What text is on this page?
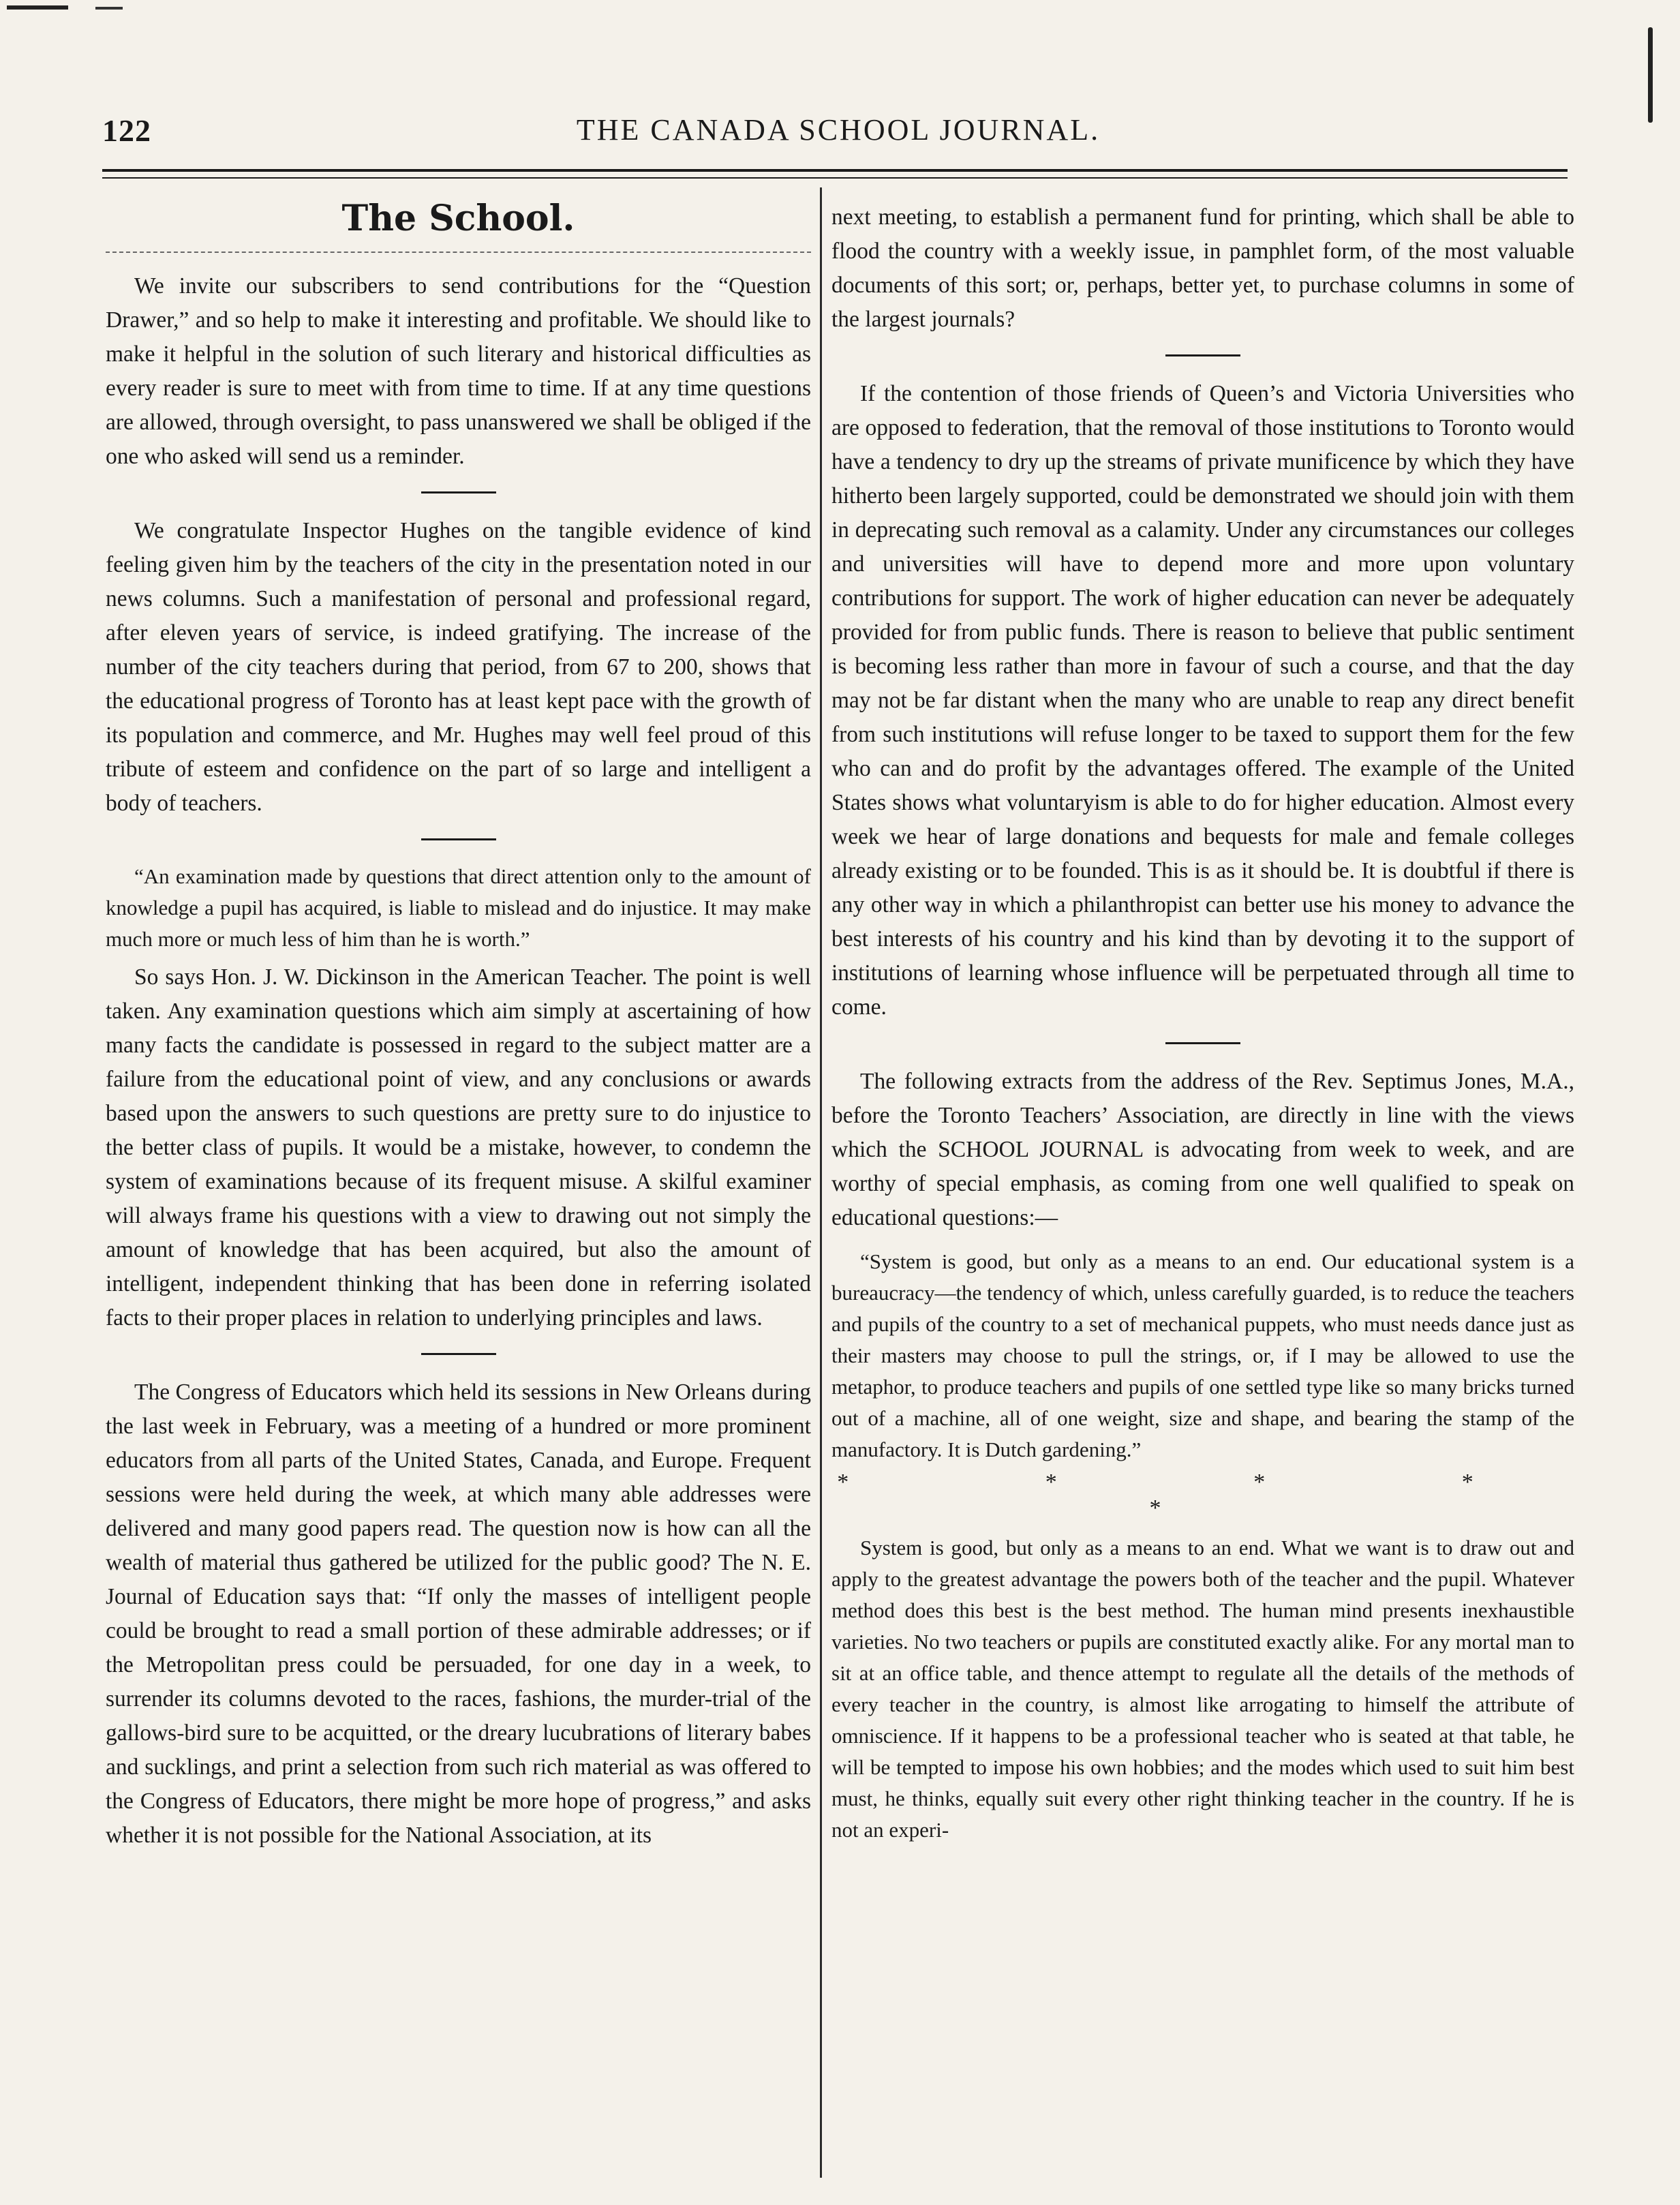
THE CANADA SCHOOL JOURNAL.
122
The School.

We invite our subscribers to send contributions for the “Question Drawer,” and so help to make it interesting and profitable. We should like to make it helpful in the solution of such literary and historical difficulties as every reader is sure to meet with from time to time. If at any time questions are allowed, through oversight, to pass unanswered we shall be obliged if the one who asked will send us a reminder.

We congratulate Inspector Hughes on the tangible evidence of kind feeling given him by the teachers of the city in the presentation noted in our news columns. Such a manifestation of personal and professional regard, after eleven years of service, is indeed gratifying. The increase of the number of the city teachers during that period, from 67 to 200, shows that the educational progress of Toronto has at least kept pace with the growth of its population and commerce, and Mr. Hughes may well feel proud of this tribute of esteem and confidence on the part of so large and intelligent a body of teachers.

“An examination made by questions that direct attention only to the amount of knowledge a pupil has acquired, is liable to mislead and do injustice. It may make much more or much less of him than he is worth.”

So says Hon. J. W. Dickinson in the American Teacher. The point is well taken. Any examination questions which aim simply at ascertaining of how many facts the candidate is possessed in regard to the subject matter are a failure from the educational point of view, and any conclusions or awards based upon the answers to such questions are pretty sure to do injustice to the better class of pupils. It would be a mistake, however, to condemn the system of examinations because of its frequent misuse. A skilful examiner will always frame his questions with a view to drawing out not simply the amount of knowledge that has been acquired, but also the amount of intelligent, independent thinking that has been done in referring isolated facts to their proper places in relation to underlying principles and laws.

The Congress of Educators which held its sessions in New Orleans during the last week in February, was a meeting of a hundred or more prominent educators from all parts of the United States, Canada, and Europe. Frequent sessions were held during the week, at which many able addresses were delivered and many good papers read. The question now is how can all the wealth of material thus gathered be utilized for the public good? The N. E. Journal of Education says that: “If only the masses of intelligent people could be brought to read a small portion of these admirable addresses; or if the Metropolitan press could be persuaded, for one day in a week, to surrender its columns devoted to the races, fashions, the murder-trial of the gallows-bird sure to be acquitted, or the dreary lucubrations of literary babes and sucklings, and print a selection from such rich material as was offered to the Congress of Educators, there might be more hope of progress,” and asks whether it is not possible for the National Association, at its

next meeting, to establish a permanent fund for printing, which shall be able to flood the country with a weekly issue, in pamphlet form, of the most valuable documents of this sort; or, perhaps, better yet, to purchase columns in some of the largest journals?

If the contention of those friends of Queen’s and Victoria Universities who are opposed to federation, that the removal of those institutions to Toronto would have a tendency to dry up the streams of private munificence by which they have hitherto been largely supported, could be demonstrated we should join with them in deprecating such removal as a calamity. Under any circumstances our colleges and universities will have to depend more and more upon voluntary contributions for support. The work of higher education can never be adequately provided for from public funds. There is reason to believe that public sentiment is becoming less rather than more in favour of such a course, and that the day may not be far distant when the many who are unable to reap any direct benefit from such institutions will refuse longer to be taxed to support them for the few who can and do profit by the advantages offered. The example of the United States shows what voluntaryism is able to do for higher education. Almost every week we hear of large donations and bequests for male and female colleges already existing or to be founded. This is as it should be. It is doubtful if there is any other way in which a philanthropist can better use his money to advance the best interests of his country and his kind than by devoting it to the support of institutions of learning whose influence will be perpetuated through all time to come.

The following extracts from the address of the Rev. Septimus Jones, M.A., before the Toronto Teachers’ Association, are directly in line with the views which the SCHOOL JOURNAL is advocating from week to week, and are worthy of special emphasis, as coming from one well qualified to speak on educational questions:—

“System is good, but only as a means to an end. Our educational system is a bureaucracy—the tendency of which, unless carefully guarded, is to reduce the teachers and pupils of the country to a set of mechanical puppets, who must needs dance just as their masters may choose to pull the strings, or, if I may be allowed to use the metaphor, to produce teachers and pupils of one settled type like so many bricks turned out of a machine, all of one weight, size and shape, and bearing the stamp of the manufactory. It is Dutch gardening.”

* * * * *

System is good, but only as a means to an end. What we want is to draw out and apply to the greatest advantage the powers both of the teacher and the pupil. Whatever method does this best is the best method. The human mind presents inexhaustible varieties. No two teachers or pupils are constituted exactly alike. For any mortal man to sit at an office table, and thence attempt to regulate all the details of the methods of every teacher in the country, is almost like arrogating to himself the attribute of omniscience. If it happens to be a professional teacher who is seated at that table, he will be tempted to impose his own hobbies; and the modes which used to suit him best must, he thinks, equally suit every other right thinking teacher in the country. If he is not an experi-
